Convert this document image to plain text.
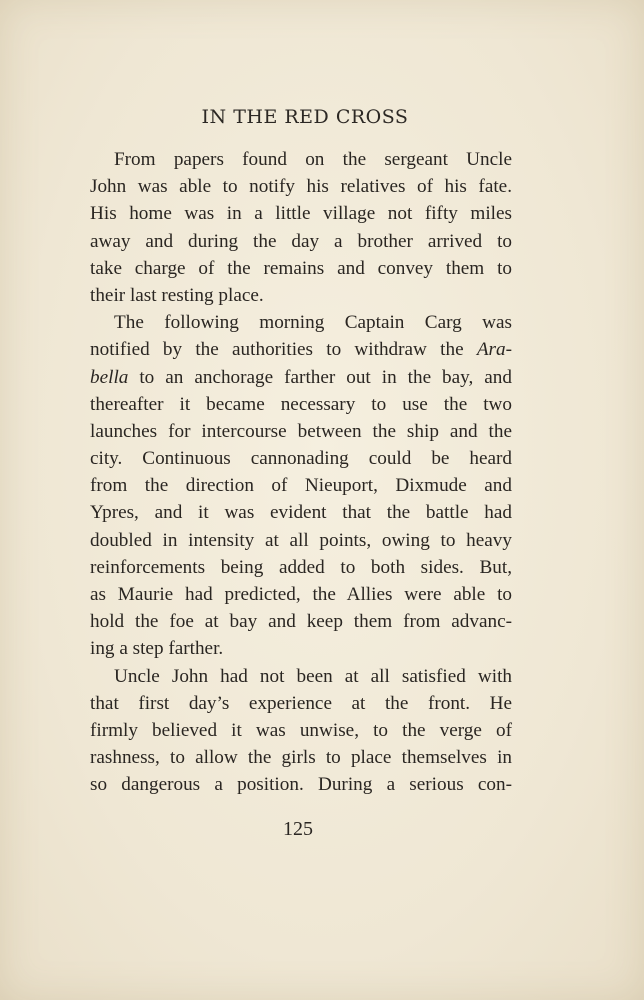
IN THE RED CROSS

From papers found on the sergeant Uncle
John was able to notify his relatives of his fate.
His home was in a little village not fifty miles
away and during the day a brother arrived to
take charge of the remains and convey them to
their last resting place.

The following morning Captain Carg was
notified by the authorities to withdraw the Ara-
bella to an anchorage farther out in the bay, and
thereafter it became necessary to use the two
launches for intercourse between the ship and the
city. Continuous cannonading could be heard
from the direction of Nieuport, Dixmude and
Ypres, and it was evident that the battle had
doubled in intensity at all points, owing to heavy
reinforcements being added to both sides. But,
as Maurie had predicted, the Allies were able to
hold the foe at bay and keep them from advanc-
ing a step farther.

Uncle John had not been at all satisfied with
that first day’s experience at the front. He
firmly believed it was unwise, to the verge of
rashness, to allow the girls to place themselves in
so dangerous a position. During a serious con-

125
